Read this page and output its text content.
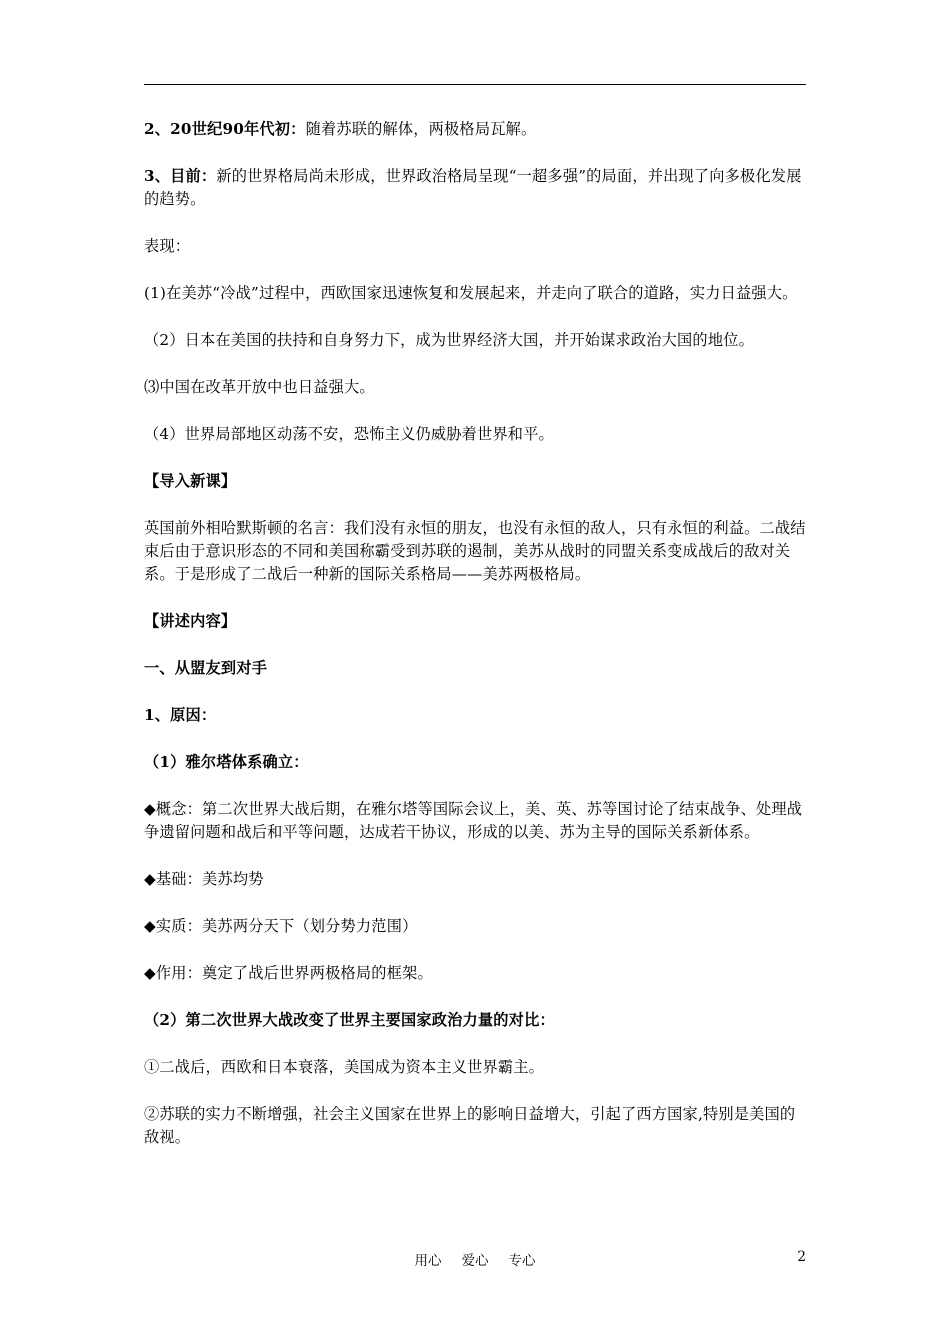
2、20世纪90年代初：随着苏联的解体，两极格局瓦解。

3、目前：新的世界格局尚未形成，世界政治格局呈现“一超多强”的局面，并出现了向多极化发展的趋势。

表现：

(1)在美苏“冷战”过程中，西欧国家迅速恢复和发展起来，并走向了联合的道路，实力日益强大。

（2）日本在美国的扶持和自身努力下，成为世界经济大国，并开始谋求政治大国的地位。

⑶中国在改革开放中也日益强大。

（4）世界局部地区动荡不安，恐怖主义仍威胁着世界和平。

【导入新课】

英国前外相哈默斯顿的名言：我们没有永恒的朋友，也没有永恒的敌人，只有永恒的利益。二战结束后由于意识形态的不同和美国称霸受到苏联的遏制，美苏从战时的同盟关系变成战后的敌对关系。于是形成了二战后一种新的国际关系格局——美苏两极格局。

【讲述内容】

一、从盟友到对手

1、原因：

（1）雅尔塔体系确立：

◆概念：第二次世界大战后期，在雅尔塔等国际会议上，美、英、苏等国讨论了结束战争、处理战争遗留问题和战后和平等问题，达成若干协议，形成的以美、苏为主导的国际关系新体系。

◆基础：美苏均势

◆实质：美苏两分天下（划分势力范围）

◆作用：奠定了战后世界两极格局的框架。

（2）第二次世界大战改变了世界主要国家政治力量的对比：

①二战后，西欧和日本衰落，美国成为资本主义世界霸主。

②苏联的实力不断增强，社会主义国家在世界上的影响日益增大，引起了西方国家,特别是美国的敌视。

用心 爱心 专心	2
